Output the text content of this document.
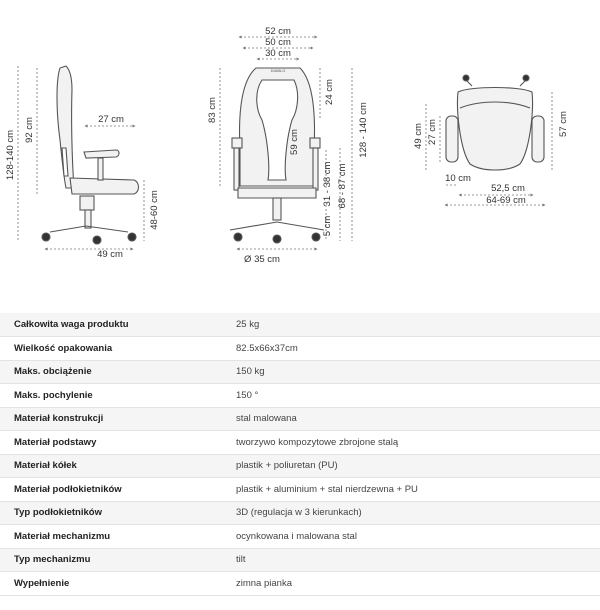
128-140 cm 92 cm	27 cm
48-60 cm
49 cm
DIABLO
52 cm
50 cm
30 cm
83 cm
24 cm
59 cm	128 - 140 cm
31 - 38 cm 68 - 87 cm
5 cm
Ø 35 cm
49 cm 27 cm	57 cm
10 cm
52,5 cm
64-69 cm
Całkowita waga produktu	25 kg
Wielkość opakowania	82.5x66x37cm
Maks. obciążenie	150 kg
Maks. pochylenie	150 °
Materiał konstrukcji	stal malowana
Materiał podstawy	tworzywo kompozytowe zbrojone stalą
Materiał kółek	plastik + poliuretan (PU)
Materiał podłokietników	plastik + aluminium + stal nierdzewna + PU
Typ podłokietników	3D (regulacja w 3 kierunkach)
Materiał mechanizmu	ocynkowana i malowana stal
Typ mechanizmu	tilt
Wypełnienie	zimna pianka
